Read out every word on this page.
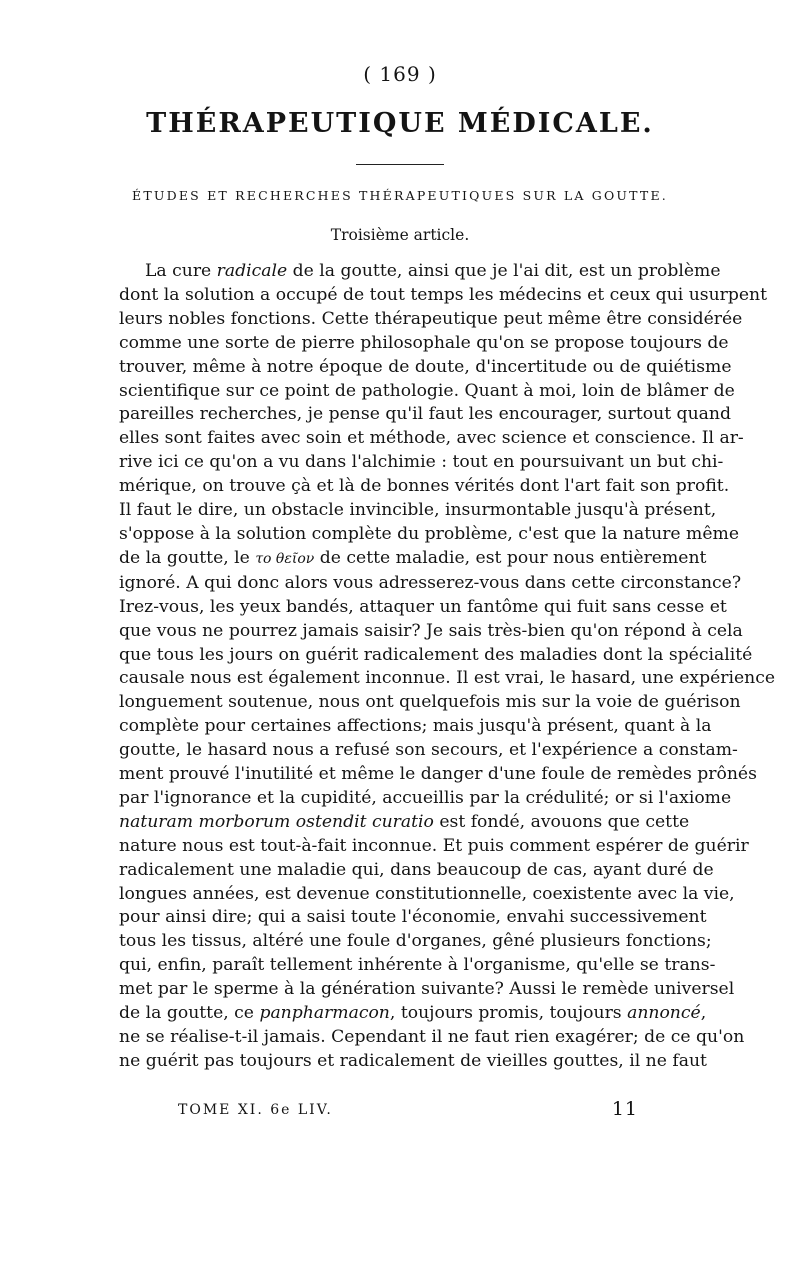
( 169 )
THÉRAPEUTIQUE MÉDICALE.
ÉTUDES ET RECHERCHES THÉRAPEUTIQUES SUR LA GOUTTE.
Troisième article.
La cure radicale de la goutte, ainsi que je l'ai dit, est un problème
dont la solution a occupé de tout temps les médecins et ceux qui usurpent
leurs nobles fonctions. Cette thérapeutique peut même être considérée
comme une sorte de pierre philosophale qu'on se propose toujours de
trouver, même à notre époque de doute, d'incertitude ou de quiétisme
scientifique sur ce point de pathologie. Quant à moi, loin de blâmer de
pareilles recherches, je pense qu'il faut les encourager, surtout quand
elles sont faites avec soin et méthode, avec science et conscience. Il ar-
rive ici ce qu'on a vu dans l'alchimie : tout en poursuivant un but chi-
mérique, on trouve çà et là de bonnes vérités dont l'art fait son profit.
Il faut le dire, un obstacle invincible, insurmontable jusqu'à présent,
s'oppose à la solution complète du problème, c'est que la nature même
de la goutte, le το θεῖον de cette maladie, est pour nous entièrement
ignoré. A qui donc alors vous adresserez-vous dans cette circonstance?
Irez-vous, les yeux bandés, attaquer un fantôme qui fuit sans cesse et
que vous ne pourrez jamais saisir? Je sais très-bien qu'on répond à cela
que tous les jours on guérit radicalement des maladies dont la spécialité
causale nous est également inconnue. Il est vrai, le hasard, une expérience
longuement soutenue, nous ont quelquefois mis sur la voie de guérison
complète pour certaines affections; mais jusqu'à présent, quant à la
goutte, le hasard nous a refusé son secours, et l'expérience a constam-
ment prouvé l'inutilité et même le danger d'une foule de remèdes prônés
par l'ignorance et la cupidité, accueillis par la crédulité; or si l'axiome
naturam morborum ostendit curatio est fondé, avouons que cette
nature nous est tout-à-fait inconnue. Et puis comment espérer de guérir
radicalement une maladie qui, dans beaucoup de cas, ayant duré de
longues années, est devenue constitutionnelle, coexistente avec la vie,
pour ainsi dire; qui a saisi toute l'économie, envahi successivement
tous les tissus, altéré une foule d'organes, gêné plusieurs fonctions;
qui, enfin, paraît tellement inhérente à l'organisme, qu'elle se trans-
met par le sperme à la génération suivante? Aussi le remède universel
de la goutte, ce panpharmacon, toujours promis, toujours annoncé,
ne se réalise-t-il jamais. Cependant il ne faut rien exagérer; de ce qu'on
ne guérit pas toujours et radicalement de vieilles gouttes, il ne faut
TOME XI. 6e LIV.	11
